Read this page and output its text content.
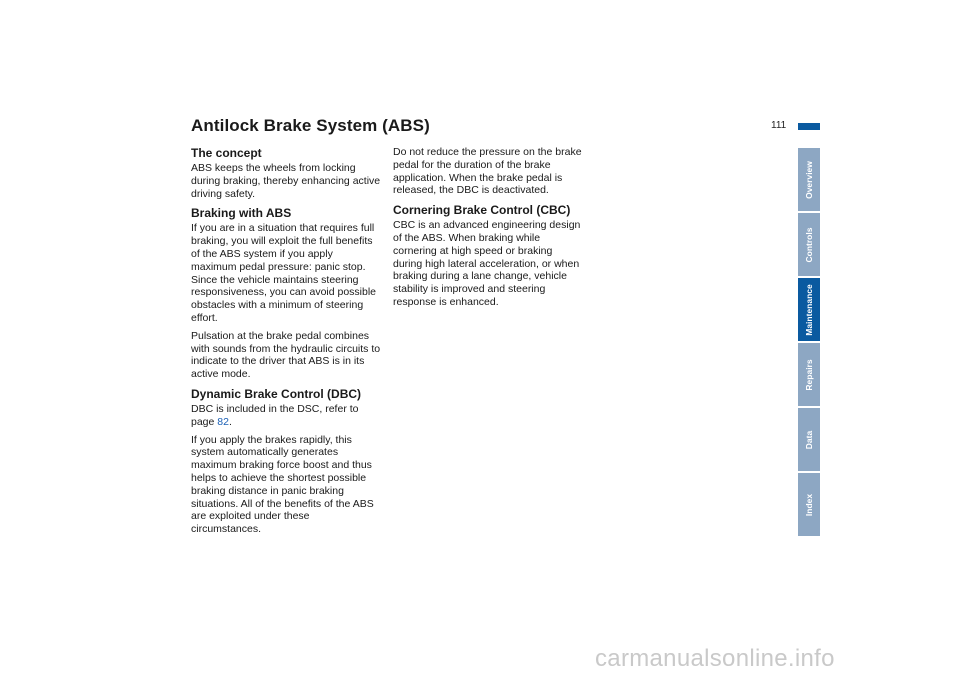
Antilock Brake System (ABS)	111
The concept

ABS keeps the wheels from locking during braking, thereby enhancing active driving safety.

Braking with ABS

If you are in a situation that requires full braking, you will exploit the full benefits of the ABS system if you apply maximum pedal pressure: panic stop. Since the vehicle maintains steering responsiveness, you can avoid possible obstacles with a minimum of steering effort.

Pulsation at the brake pedal combines with sounds from the hydraulic circuits to indicate to the driver that ABS is in its active mode.

Dynamic Brake Control (DBC)

DBC is included in the DSC, refer to page 82.

If you apply the brakes rapidly, this system automatically generates maximum braking force boost and thus helps to achieve the shortest possible braking distance in panic braking situations. All of the benefits of the ABS are exploited under these circumstances.

Do not reduce the pressure on the brake pedal for the duration of the brake application. When the brake pedal is released, the DBC is deactivated.

Cornering Brake Control (CBC)

CBC is an advanced engineering design of the ABS. When braking while cornering at high speed or braking during high lateral acceleration, or when braking during a lane change, vehicle stability is improved and steering response is enhanced.

Overview
Controls
Maintenance
Repairs
Data
Index
carmanualsonline.info
